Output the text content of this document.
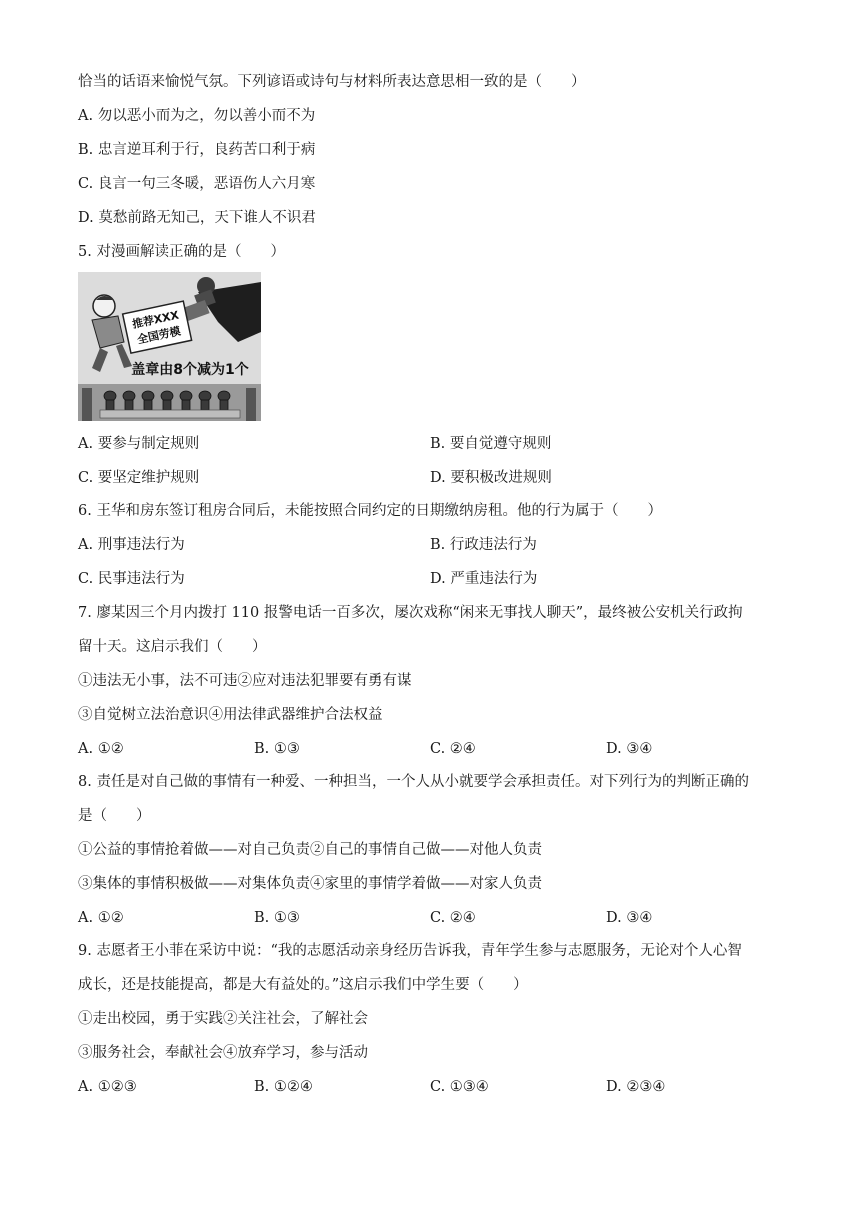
恰当的话语来愉悦气氛。下列谚语或诗句与材料所表达意思相一致的是（　　）
A. 勿以恶小而为之，勿以善小而不为
B. 忠言逆耳利于行，良药苦口利于病
C. 良言一句三冬暖，恶语伤人六月寒
D. 莫愁前路无知己，天下谁人不识君
5. 对漫画解读正确的是（　　）
推荐XXX
全国劳模
盖章由8个减为1个
A. 要参与制定规则	B. 要自觉遵守规则
C. 要坚定维护规则	D. 要积极改进规则
6. 王华和房东签订租房合同后，未能按照合同约定的日期缴纳房租。他的行为属于（　　）
A. 刑事违法行为	B. 行政违法行为
C. 民事违法行为	D. 严重违法行为
7. 廖某因三个月内拨打 110 报警电话一百多次，屡次戏称“闲来无事找人聊天”，最终被公安机关行政拘
留十天。这启示我们（　　）
①违法无小事，法不可违②应对违法犯罪要有勇有谋
③自觉树立法治意识④用法律武器维护合法权益
A. ①②	B. ①③	C. ②④	D. ③④
8. 责任是对自己做的事情有一种爱、一种担当，一个人从小就要学会承担责任。对下列行为的判断正确的
是（　　）
①公益的事情抢着做——对自己负责②自己的事情自己做——对他人负责
③集体的事情积极做——对集体负责④家里的事情学着做——对家人负责
A. ①②	B. ①③	C. ②④	D. ③④
9. 志愿者王小菲在采访中说：“我的志愿活动亲身经历告诉我，青年学生参与志愿服务，无论对个人心智
成长，还是技能提高，都是大有益处的。”这启示我们中学生要（　　）
①走出校园，勇于实践②关注社会，了解社会
③服务社会，奉献社会④放弃学习，参与活动
A. ①②③	B. ①②④	C. ①③④	D. ②③④
